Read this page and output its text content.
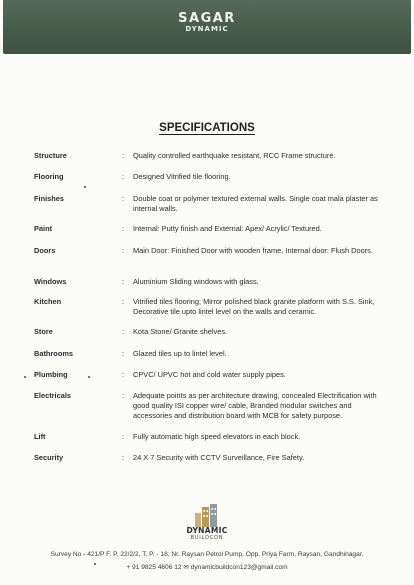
SAGAR
DYNAMIC
SPECIFICATIONS
Structure	:	Quality controlled earthquake resistant, RCC Frame structure.
Flooring	:	Designed Vitrified tile flooring.
Finishes	:	Double coat or polymer textured external walls. Single coat mala plaster as internal walls.
Paint	:	Internal: Putty finish and External: Apex/ Acrylic/ Textured.
Doors	:	Main Door: Finished Door with wooden frame, Internal door: Flush Doors.
Windows	:	Aluminium Sliding windows with glass.
Kitchen	:	Vitrified tiles flooring, Mirror polished black granite platform with S.S. Sink, Decorative tile upto lintel level on the walls and ceramic.
Store	:	Kota Stone/ Granite shelves.
Bathrooms	:	Glazed tiles up to lintel level.
Plumbing	:	CPVC/ UPVC hot and cold water supply pipes.
Electricals	:	Adequate points as per architecture drawing, concealed Electrification with good quality ISI copper wire/ cable, Branded modular switches and accessories and distribution board with MCB for safety purpose.
Lift	:	Fully automatic high speed elevators in each block.
Security	:	24 X 7 Security with CCTV Surveillance, Fire Safety.
DYNAMIC
BUILDCON
Survey No - 421/P F. P. 22/2/2, T. P. - 18, Nr. Raysan Petrol Pump, Opp. Priya Farm, Raysan, Gandhinagar.
+ 91 9825 4606 12 ✉ dynamicbuildcon123@gmail.com
